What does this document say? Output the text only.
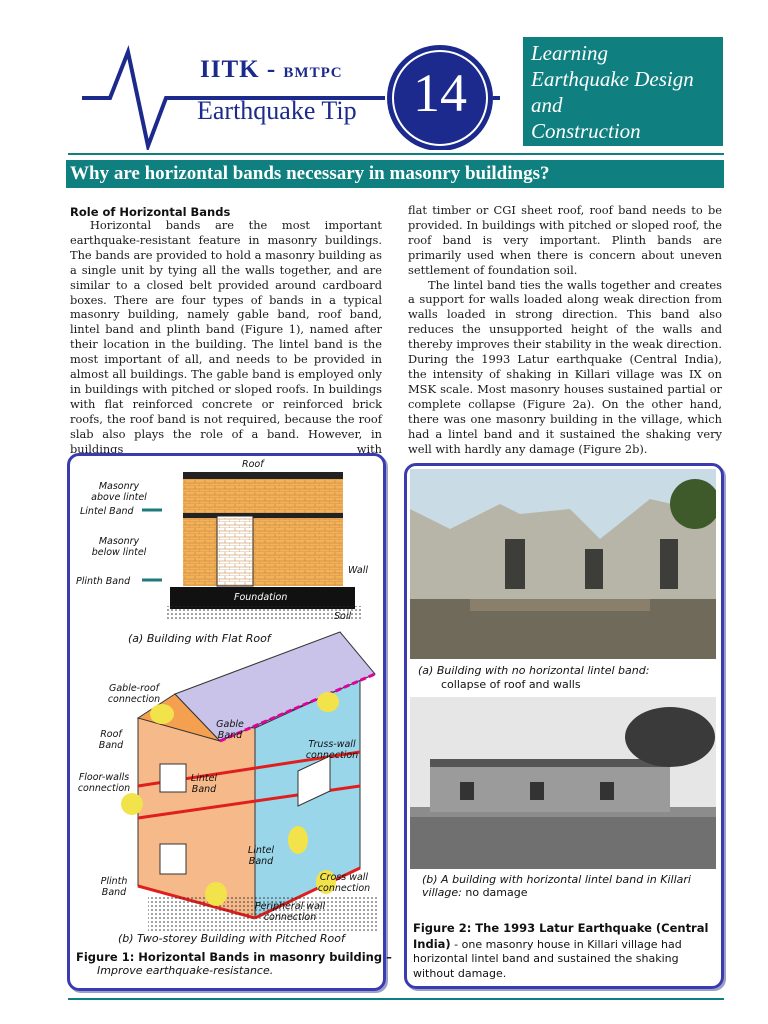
IITK - BMTPC
Earthquake Tip	14
Learning
Earthquake Design
and
Construction
Why are horizontal bands necessary in masonry buildings?
Role of Horizontal Bands

Horizontal bands are the most important earthquake-resistant feature in masonry buildings. The bands are provided to hold a masonry building as a single unit by tying all the walls together, and are similar to a closed belt provided around cardboard boxes. There are four types of bands in a typical masonry building, namely gable band, roof band, lintel band and plinth band (Figure 1), named after their location in the building. The lintel band is the most important of all, and needs to be provided in almost all buildings. The gable band is employed only in buildings with pitched or sloped roofs. In buildings with flat reinforced concrete or reinforced brick roofs, the roof band is not required, because the roof slab also plays the role of a band. However, in buildings with

flat timber or CGI sheet roof, roof band needs to be provided. In buildings with pitched or sloped roof, the roof band is very important. Plinth bands are primarily used when there is concern about uneven settlement of foundation soil.

The lintel band ties the walls together and creates a support for walls loaded along weak direction from walls loaded in strong direction. This band also reduces the unsupported height of the walls and thereby improves their stability in the weak direction. During the 1993 Latur earthquake (Central India), the intensity of shaking in Killari village was IX on MSK scale. Most masonry houses sustained partial or complete collapse (Figure 2a). On the other hand, there was one masonry building in the village, which had a lintel band and it sustained the shaking very well with hardly any damage (Figure 2b).

Roof
Masonry above lintel
Lintel Band
Masonry below lintel
Plinth Band
Wall
Foundation
Soil
(a) Building with Flat Roof
Gable-roof connection
Gable Band
Roof Band	Truss-wall connection
Floor-walls connection
Lintel Band
Lintel Band
Plinth Band
Cross wall connection
Peripheral wall connection
(b) Two-storey Building with Pitched Roof
Figure 1: Horizontal Bands in masonry building –
Improve earthquake-resistance.
(a) Building with no horizontal lintel band:
collapse of roof and walls
(b) A building with horizontal lintel band in Killari village: no damage
Figure 2: The 1993 Latur Earthquake (Central India) - one masonry house in Killari village had horizontal lintel band and sustained the shaking without damage.
